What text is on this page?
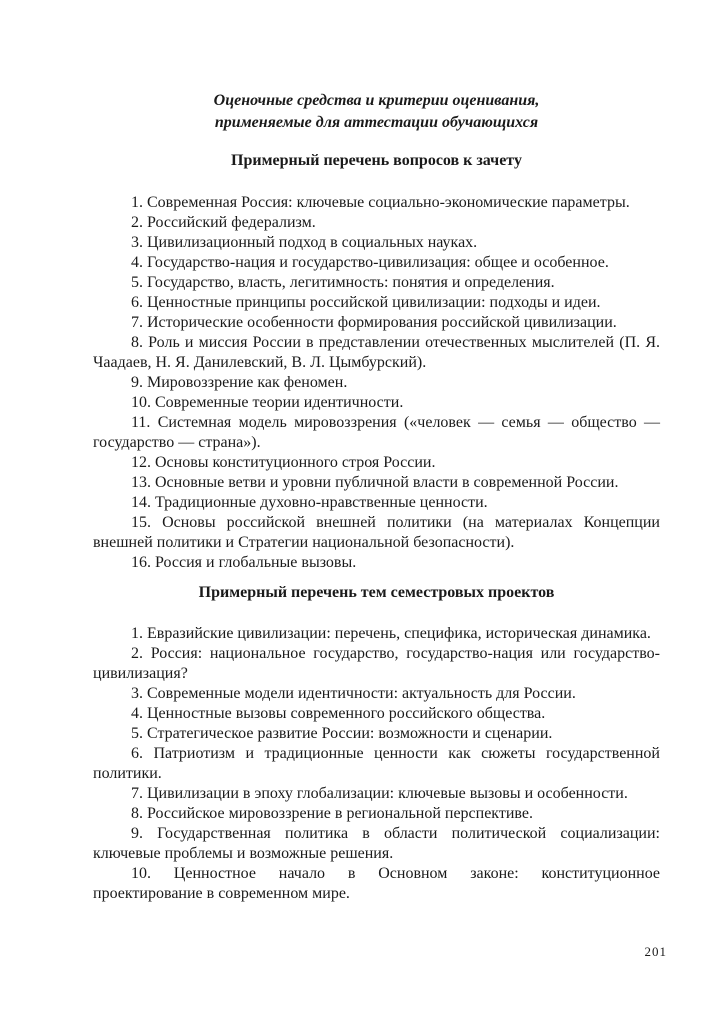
Оценочные средства и критерии оценивания,
применяемые для аттестации обучающихся
Примерный перечень вопросов к зачету

1. Современная Россия: ключевые социально-экономические параметры.

2. Российский федерализм.

3. Цивилизационный подход в социальных науках.

4. Государство-нация и государство-цивилизация: общее и особенное.

5. Государство, власть, легитимность: понятия и определения.

6. Ценностные принципы российской цивилизации: подходы и идеи.

7. Исторические особенности формирования российской цивилизации.

8. Роль и миссия России в представлении отечественных мыслителей (П. Я. Чаадаев, Н. Я. Данилевский, В. Л. Цымбурский).

9. Мировоззрение как феномен.

10. Современные теории идентичности.

11. Системная модель мировоззрения («человек — семья — общество — государство — страна»).

12. Основы конституционного строя России.

13. Основные ветви и уровни публичной власти в современной России.

14. Традиционные духовно-нравственные ценности.

15. Основы российской внешней политики (на материалах Концепции внешней политики и Стратегии национальной безопасности).

16. Россия и глобальные вызовы.

Примерный перечень тем семестровых проектов

1. Евразийские цивилизации: перечень, специфика, историческая динамика.

2. Россия: национальное государство, государство-нация или государство-цивилизация?

3. Современные модели идентичности: актуальность для России.

4. Ценностные вызовы современного российского общества.

5. Стратегическое развитие России: возможности и сценарии.

6. Патриотизм и традиционные ценности как сюжеты государственной политики.

7. Цивилизации в эпоху глобализации: ключевые вызовы и особенности.

8. Российское мировоззрение в региональной перспективе.

9. Государственная политика в области политической социализации: ключевые проблемы и возможные решения.

10. Ценностное начало в Основном законе: конституционное проектирование в современном мире.

201
